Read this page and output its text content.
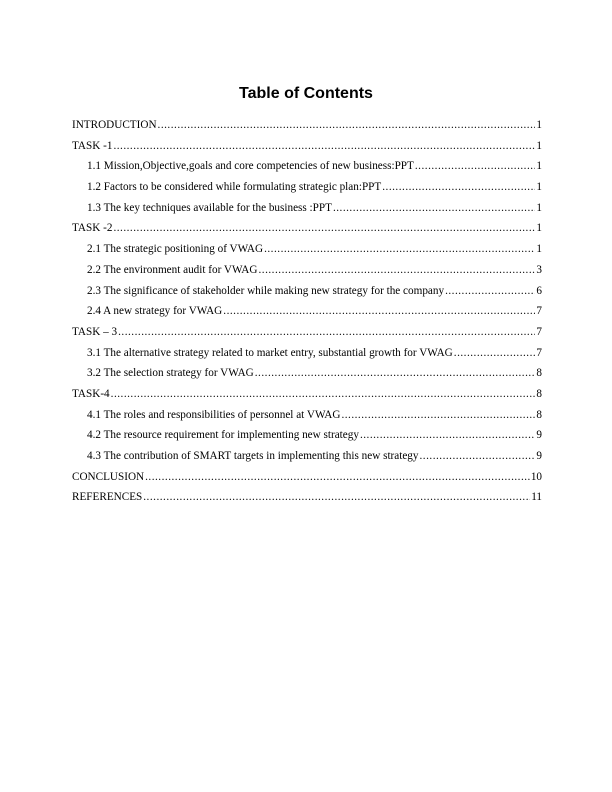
Table of Contents
INTRODUCTION .....	1
TASK -1 .....	1
1.1 Mission,Objective,goals and core competencies of new business:PPT .....	1
1.2 Factors to be considered while formulating strategic plan:PPT .....	1
1.3 The key techniques available for the business :PPT .....	1
TASK -2 .....	1
2.1 The strategic positioning of VWAG .....	1
2.2 The environment audit for VWAG .....	3
2.3 The significance of stakeholder while making new strategy for the company .....	6
2.4 A new strategy for VWAG .....	7
TASK – 3 .....	7
3.1 The alternative strategy related to market entry, substantial growth for VWAG .....	7
3.2 The selection strategy for VWAG .....	8
TASK-4 .....	8
4.1 The roles and responsibilities of personnel at VWAG .....	8
4.2 The resource requirement for implementing new strategy .....	9
4.3 The contribution of SMART targets in implementing this new strategy .....	9
CONCLUSION .....	10
REFERENCES .....	11
